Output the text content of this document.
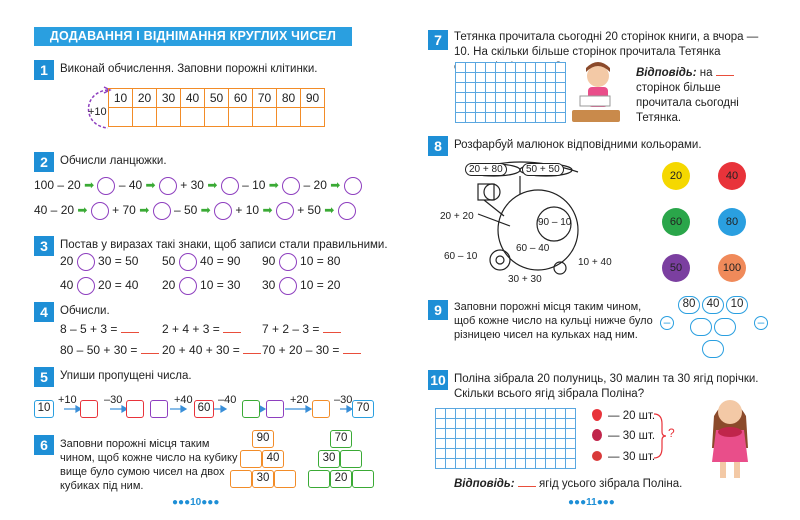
ДОДАВАННЯ І ВІДНІМАННЯ КРУГЛИХ ЧИСЕЛ
1	Виконай обчислення. Заповни порожні клітинки.
+10
10	20	30	40	50	60	70	80	90

2	Обчисли ланцюжки.
100 – 20 ➡ – 40 ➡ + 30 ➡ – 10 ➡ – 20 ➡
40 – 20 ➡ + 70 ➡ – 50 ➡ + 10 ➡ + 50 ➡
3	Постав у виразах такі знаки, щоб записи стали правильними.
20 30 = 50 50 40 = 90 90 10 = 80
40 20 = 40 20 10 = 30 30 10 = 20
4	Обчисли.
8 – 5 + 3 =	2 + 4 + 3 =	7 + 2 – 3 =
80 – 50 + 30 =	20 + 40 + 30 =	70 + 20 – 30 =
5	Упиши пропущені числа.
+10 –30	+40 –40	+20 –30
10	60	70
6	Заповни порожні місця таким чином, щоб кожне число на кубику вище було сумою чисел на двох кубиках під ним.
90
40
30
70
30
20
●●●10●●●
7	Тетянка прочитала сьогодні 20 сторінок книги, а вчора — 10. На скільки більше сторінок прочитала Тетянка
Відповідь: на  сторінок більше прочитала сьогодні Тетянка.
8	Розфарбуй малюнок відповідними кольорами.
20 + 80	50 + 50
20 + 20
90 – 10
60 – 40
60 – 10
30 + 30
10 + 40
20	40
60	80
50	100
9	Заповни порожні місця таким чином, щоб кожне число на кульці нижче було різницею чисел на кульках над ним.
80 40 10
–	–
10 Поліна зібрала 20 полуниць, 30 малин та 30 ягід порічки. Скільки всього ягід зібрала Поліна?
— 20 шт.
— 30 шт.
— 30 шт.
?
Відповідь: ягід усього зібрала Поліна.
●●●11●●●
